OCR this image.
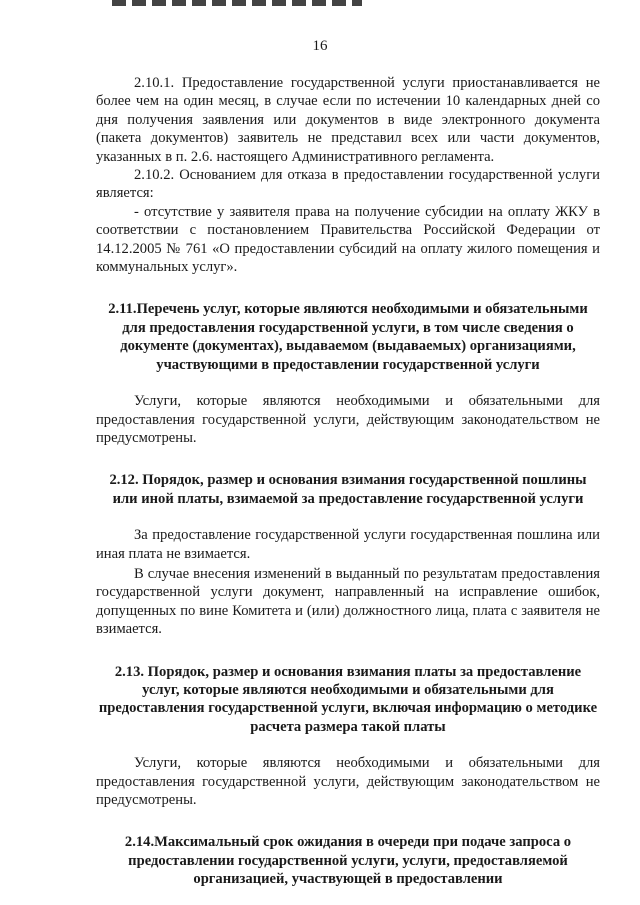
16

2.10.1. Предоставление государственной услуги приостанавливается не более чем на один месяц, в случае если по истечении 10 календарных дней со дня получения заявления или документов в виде электронного документа (пакета документов) заявитель не представил всех или части документов, указанных в п. 2.6. настоящего Административного регламента.

2.10.2. Основанием для отказа в предоставлении государственной услуги является:

- отсутствие у заявителя права на получение субсидии на оплату ЖКУ в соответствии с постановлением Правительства Российской Федерации от 14.12.2005 № 761 «О предоставлении субсидий на оплату жилого помещения и коммунальных услуг».

2.11.Перечень услуг, которые являются необходимыми и обязательными для предоставления государственной услуги, в том числе сведения о документе (документах), выдаваемом (выдаваемых) организациями, участвующими в предоставлении государственной услуги

Услуги, которые являются необходимыми и обязательными для предоставления государственной услуги, действующим законодательством не предусмотрены.

2.12. Порядок, размер и основания взимания государственной пошлины или иной платы, взимаемой за предоставление государственной услуги

За предоставление государственной услуги государственная пошлина или иная плата не взимается.

В случае внесения изменений в выданный по результатам предоставления государственной услуги документ, направленный на исправление ошибок, допущенных по вине Комитета и (или) должностного лица, плата с заявителя не взимается.

2.13. Порядок, размер и основания взимания платы за предоставление услуг, которые являются необходимыми и обязательными для предоставления государственной услуги, включая информацию о методике расчета размера такой платы

Услуги, которые являются необходимыми и обязательными для предоставления государственной услуги, действующим законодательством не предусмотрены.

2.14.Максимальный срок ожидания в очереди при подаче запроса о предоставлении государственной услуги, услуги, предоставляемой организацией, участвующей в предоставлении
